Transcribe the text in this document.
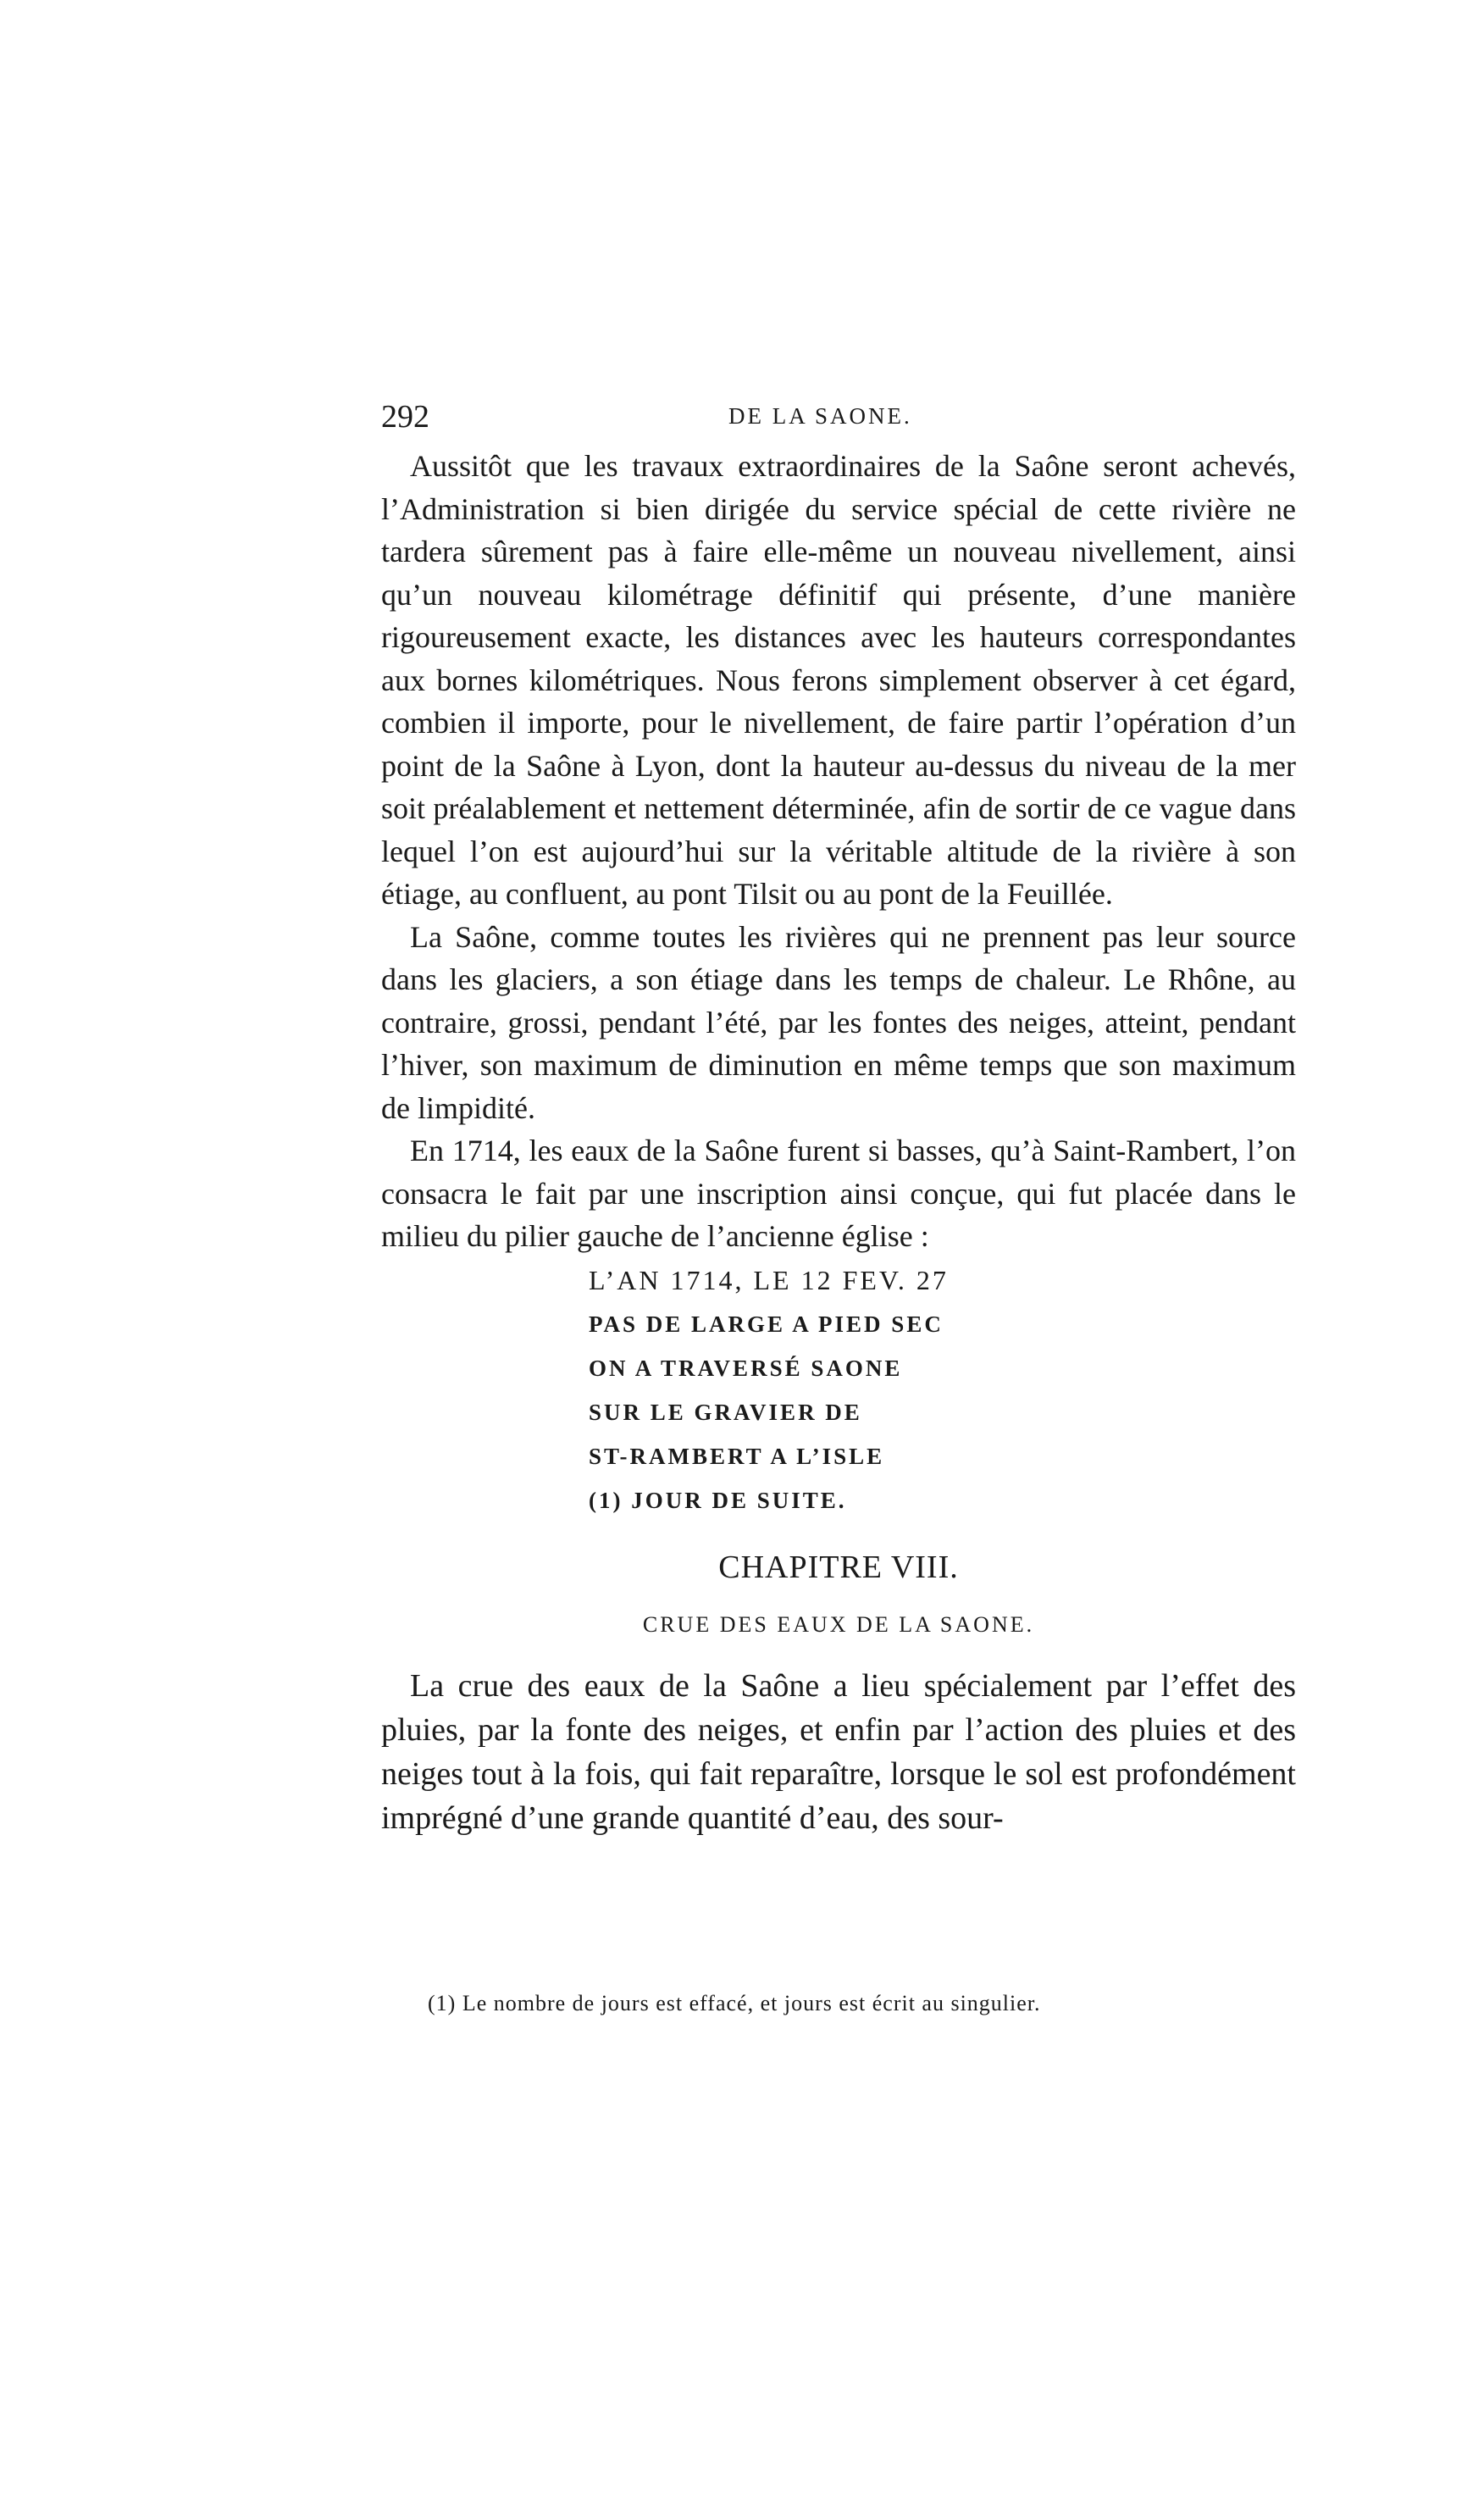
292	DE LA SAONE.

Aussitôt que les travaux extraordinaires de la Saône seront achevés, l’Administration si bien dirigée du service spécial de cette rivière ne tardera sûrement pas à faire elle-même un nouveau nivellement, ainsi qu’un nouveau kilométrage définitif qui présente, d’une manière rigoureusement exacte, les distances avec les hauteurs correspondantes aux bornes kilométriques. Nous ferons simplement observer à cet égard, combien il importe, pour le nivellement, de faire partir l’opération d’un point de la Saône à Lyon, dont la hauteur au-dessus du niveau de la mer soit préalablement et nettement déterminée, afin de sortir de ce vague dans lequel l’on est aujourd’hui sur la véritable altitude de la rivière à son étiage, au confluent, au pont Tilsit ou au pont de la Feuillée.

La Saône, comme toutes les rivières qui ne prennent pas leur source dans les glaciers, a son étiage dans les temps de chaleur. Le Rhône, au contraire, grossi, pendant l’été, par les fontes des neiges, atteint, pendant l’hiver, son maximum de diminution en même temps que son maximum de limpidité.

En 1714, les eaux de la Saône furent si basses, qu’à Saint-Rambert, l’on consacra le fait par une inscription ainsi conçue, qui fut placée dans le milieu du pilier gauche de l’ancienne église :

L’AN 1714, LE 12 FEV. 27
PAS DE LARGE A PIED SEC
ON A TRAVERSÉ SAONE
SUR LE GRAVIER DE
ST-RAMBERT A L’ISLE
(1) JOUR DE SUITE.
CHAPITRE VIII.
CRUE DES EAUX DE LA SAONE.

La crue des eaux de la Saône a lieu spécialement par l’effet des pluies, par la fonte des neiges, et enfin par l’action des pluies et des neiges tout à la fois, qui fait reparaître, lorsque le sol est profondément imprégné d’une grande quantité d’eau, des sour-

(1) Le nombre de jours est effacé, et jours est écrit au singulier.
